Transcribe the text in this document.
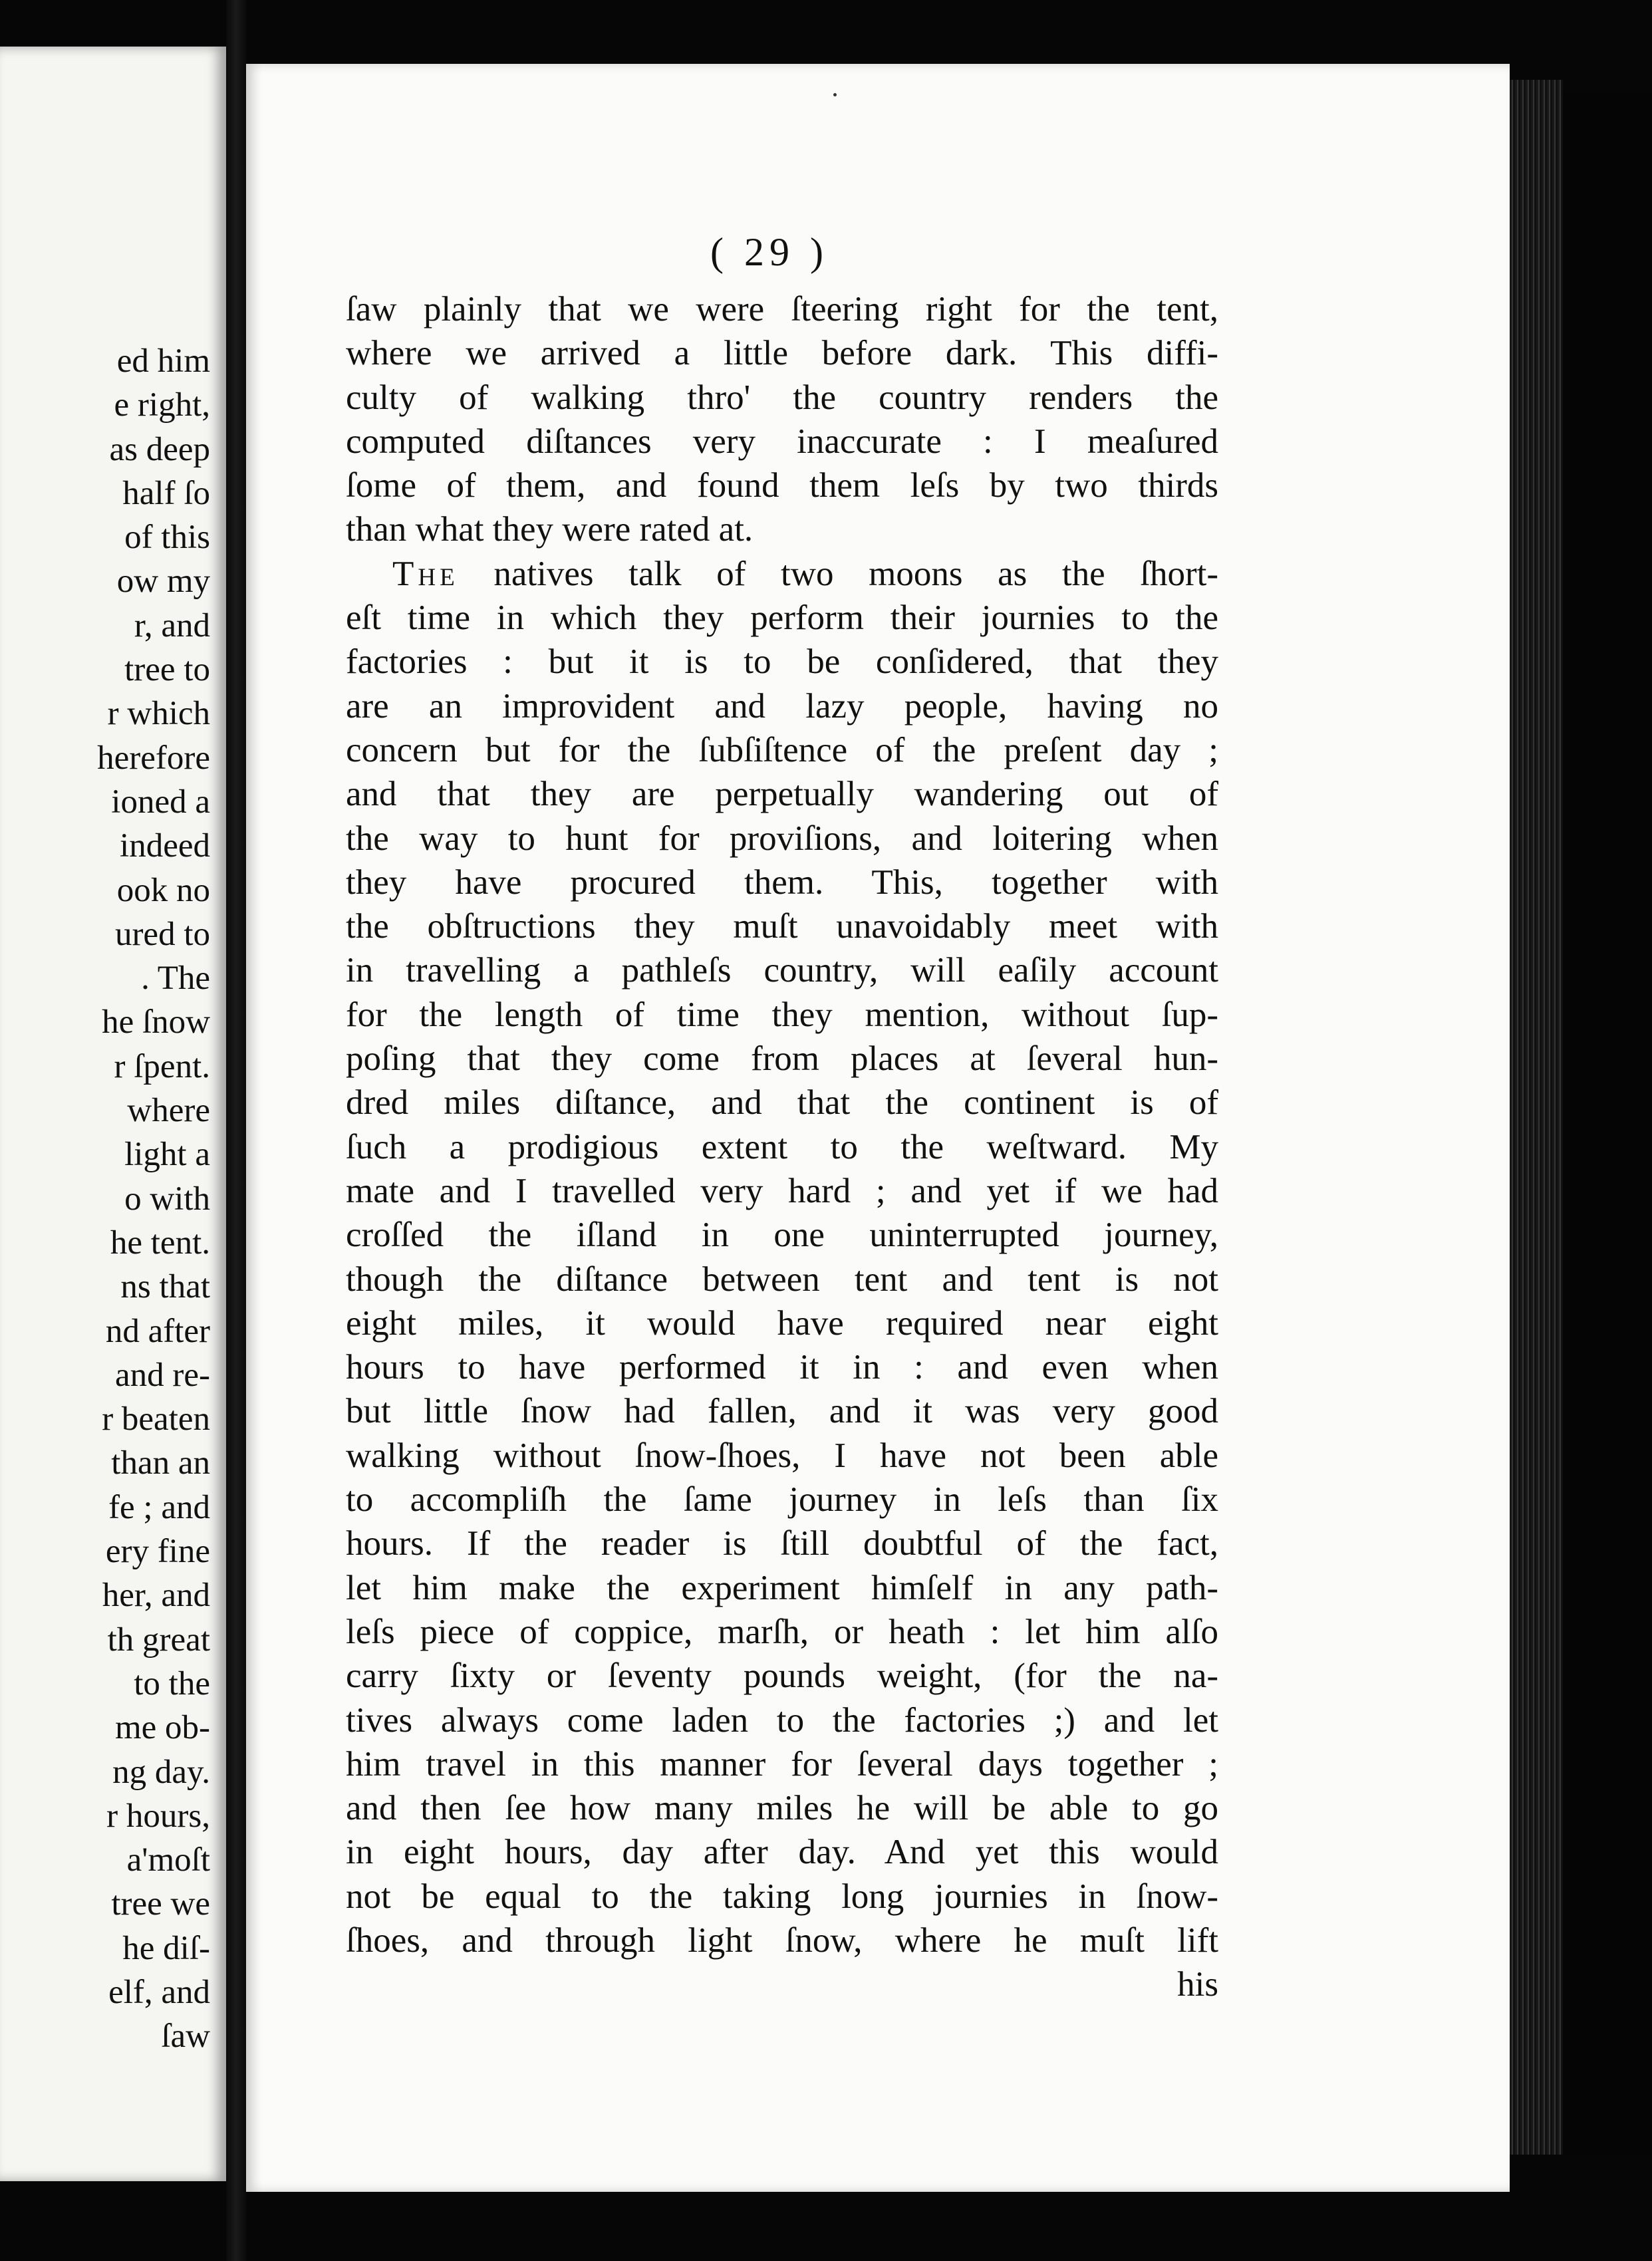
ed him
e right,
as deep
half ſo
of this
ow my
r, and
tree to
r which
herefore
ioned a
indeed
ook no
ured to
. The
he ſnow
r ſpent.
where
light a
o with
he tent.
ns that
nd after
and re-
r beaten
than an
fe ; and
ery fine
her, and
th great
to the
me ob-
ng day.
r hours,
a'moſt
tree we
he diſ-
elf, and
ſaw
( 29 )
ſaw plainly that we were ſteering right for the tent,
where we arrived a little before dark. This diffi-
culty of walking thro' the country renders the
computed diſtances very inaccurate : I meaſured
ſome of them, and found them leſs by two thirds
than what they were rated at.
The natives talk of two moons as the ſhort-
eſt time in which they perform their journies to the
factories : but it is to be conſidered, that they
are an improvident and lazy people, having no
concern but for the ſubſiſtence of the preſent day ;
and that they are perpetually wandering out of
the way to hunt for proviſions, and loitering when
they have procured them. This, together with
the obſtructions they muſt unavoidably meet with
in travelling a pathleſs country, will eaſily account
for the length of time they mention, without ſup-
poſing that they come from places at ſeveral hun-
dred miles diſtance, and that the continent is of
ſuch a prodigious extent to the weſtward. My
mate and I travelled very hard ; and yet if we had
croſſed the iſland in one uninterrupted journey,
though the diſtance between tent and tent is not
eight miles, it would have required near eight
hours to have performed it in : and even when
but little ſnow had fallen, and it was very good
walking without ſnow-ſhoes, I have not been able
to accompliſh the ſame journey in leſs than ſix
hours. If the reader is ſtill doubtful of the fact,
let him make the experiment himſelf in any path-
leſs piece of coppice, marſh, or heath : let him alſo
carry ſixty or ſeventy pounds weight, (for the na-
tives always come laden to the factories ;) and let
him travel in this manner for ſeveral days together ;
and then ſee how many miles he will be able to go
in eight hours, day after day. And yet this would
not be equal to the taking long journies in ſnow-
ſhoes, and through light ſnow, where he muſt lift
his
